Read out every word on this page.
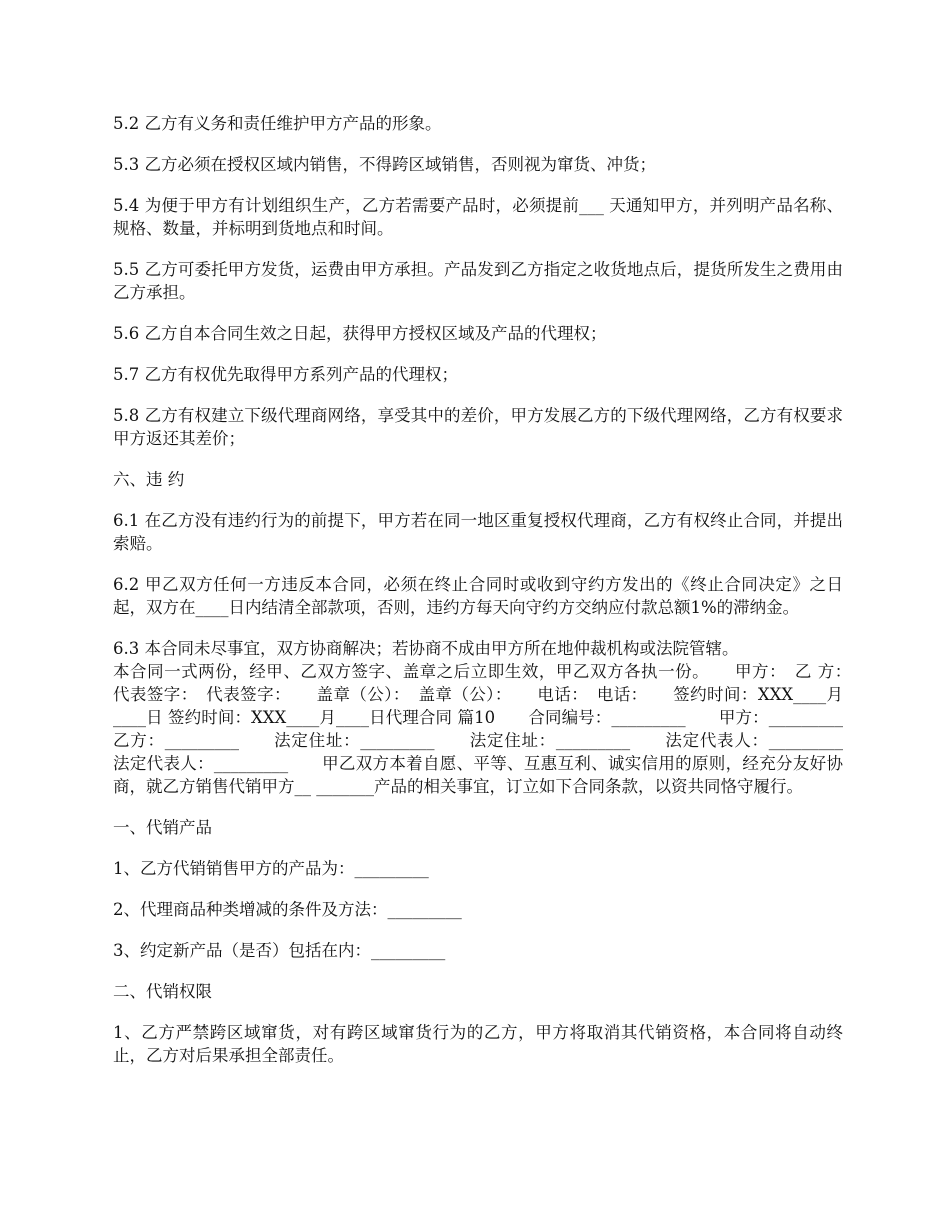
5.2 乙方有义务和责任维护甲方产品的形象。

5.3 乙方必须在授权区域内销售，不得跨区域销售，否则视为窜货、冲货；

5.4 为便于甲方有计划组织生产，乙方若需要产品时，必须提前___ 天通知甲方，并列明产品名称、规格、数量，并标明到货地点和时间。

5.5 乙方可委托甲方发货，运费由甲方承担。产品发到乙方指定之收货地点后，提货所发生之费用由乙方承担。

5.6 乙方自本合同生效之日起，获得甲方授权区域及产品的代理权；

5.7 乙方有权优先取得甲方系列产品的代理权；

5.8 乙方有权建立下级代理商网络，享受其中的差价，甲方发展乙方的下级代理网络，乙方有权要求甲方返还其差价；

六、违 约

6.1 在乙方没有违约行为的前提下，甲方若在同一地区重复授权代理商，乙方有权终止合同，并提出索赔。

6.2 甲乙双方任何一方违反本合同，必须在终止合同时或收到守约方发出的《终止合同决定》之日起，双方在____日内结清全部款项，否则，违约方每天向守约方交纳应付款总额1%的滞纳金。

6.3 本合同未尽事宜，双方协商解决；若协商不成由甲方所在地仲裁机构或法院管辖。

本合同一式两份，经甲、乙双方签字、盖章之后立即生效，甲乙双方各执一份。　　甲方：　乙 方：　　代表签字：　代表签字：　　盖章（公）：　盖章（公）：　　电话：　电话：　　签约时间：XXX____月____日 签约时间：XXX____月____日代理合同 篇10　　合同编号：_________　　甲方：_________ 乙方：_________　　法定住址：_________　　法定住址：_________　　法定代表人：_________ 法定代表人：_________　　甲乙双方本着自愿、平等、互惠互利、诚实信用的原则，经充分友好协商，就乙方销售代销甲方__ _______产品的相关事宜，订立如下合同条款，以资共同恪守履行。

一、代销产品

1、乙方代销销售甲方的产品为：_________

2、代理商品种类增减的条件及方法：_________

3、约定新产品（是否）包括在内：_________

二、代销权限

1、乙方严禁跨区域窜货，对有跨区域窜货行为的乙方，甲方将取消其代销资格，本合同将自动终止，乙方对后果承担全部责任。
